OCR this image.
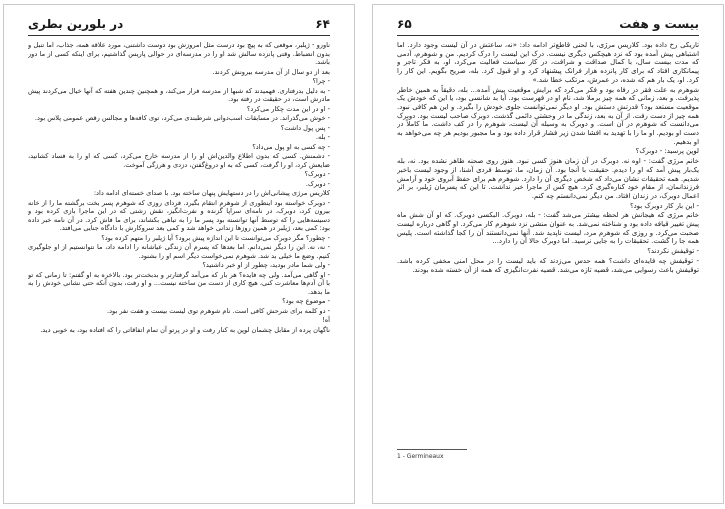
در بلورین بطری	۶۴

ناورو - ژیلبر، موقعی که به پیچ بود درست مثل امروزش بود دوست داشتنی، مورد علاقه همه، جذاب، اما تنبل و بدون انضباط. وقتی پانزده سالش شد او را در مدرسه‌ای در حوالی پاریس گذاشتیم، برای اینکه کسی از ما دور باشد.

بعد از دو سال از آن مدرسه بیرونش کردند.

- چرا؟

- به دلیل بدرفتاری. فهمیدند که شبها از مدرسه فرار می‌کند، و همچنین چندین هفته که آنها خیال می‌کردند پیش مادرش است، در حقیقت در رفته بود.

- او در این مدت چکار می‌کرد؟

- خوش می‌گذراند. در مسابقات اسب‌دوانی شرطبندی می‌کرد، توی کافه‌ها و مجالس رقص عمومی پلاس بود.

- پس پول داشت؟

- بله.

- چه کسی به او پول می‌داد؟

- دشمنش. کسی که بدون اطلاع والدین‌اش او را از مدرسه خارج می‌کرد، کسی که او را به فساد کشانید، ضایعش کرد، او را گرفت، کسی که به او دروغ‌گفتن، دزدی و هرزگی آموخت.

- دوبرک؟

- دوبرک.

کلاریس مرژی پیشانی‌اش را در دستهایش پنهان ساخته بود. با صدای خسته‌ای ادامه داد:

- دوبرک خواسته بود اینطوری از شوهرم انتقام بگیرد. فردای روزی که شوهرم پسر بخت برگشته ما را از خانه بیرون کرد، دوبرک، در نامه‌ای سراپا گزنده و نفرت‌انگیز، نقش زشتی که در این ماجرا بازی کرده بود و دسیسه‌هایی را که توسط آنها توانسته بود پسر ما را به تباهی بکشاند، برای ما فاش کرد. در آن نامه خبر داده بود: کمی بعد، ژیلبر در همین روزها زندانی خواهد شد و کمی بعد سروکارش با دادگاه جنایی می‌افتد.

- چطور؟ مگر دوبرک می‌توانست تا این اندازه پیش برود؟ آیا ژیلبر را متهم کرده بود؟

- نه، نه. این را دیگر نمی‌دانم. اما بعدها که پسرم آن زندگی عیاشانه را ادامه داد، ما نتوانستیم از او جلوگیری کنیم. وضع ما خیلی بد شد. شوهرم نمی‌خواست دیگر اسم او را بشنود.

- ولی شما مادر بودید، چطور از او خبر داشتید؟

- او گاهی می‌آمد. ولی چه فایده؟ هر بار که می‌آمد گرفتارتر و بدبخت‌تر بود. بالاخره به او گفتم: تا زمانی که تو با آن آدم‌ها معاشرت کنی، هیچ کاری از دست من ساخته نیست... و او رفت، بدون آنکه حتی نشانی خودش را به ما بدهد.

- موضوع چه بود؟

- دو کلمه برای شرحش کافی است. نام شوهرم توی لیست بیست و هفت نفر بود.

آه!

ناگهان پرده از مقابل چشمان لوپن به کنار رفت و او در پرتو آن تمام اتفاقاتی را که افتاده بود، به خوبی دید.

بیست و هفت
۶۵

تاریکی رخ داده بود. کلاریس مرژی، با لحنی قاطع‌تر ادامه داد: «نه، ساعتش در آن لیست وجود دارد. اما اشتباهی پیش آمده بود که نزد هیچکس دیگری نیست. درک این لیست را درک کردیم. من و شوهرم، آدمی که مدت بیست سال، با کمال صداقت و شرافت، در کار سیاست فعالیت می‌کرد، او، به فکر تاجر و پیمانکاری افتاد که برای کار پانزده هزار فرانک پیشنهاد کرد و او قبول کرد. بله، صریح بگویم. این کار را کرد. او، یک بار هم که شده، در عمرش، مرتکب خطا شد.»

شوهرم به علت فقر در رفاه بود و فکر می‌کرد که برایش موقعیت پیش آمده... بله، دقیقاً به همین خاطر پذیرفت. و بعد، زمانی که همه چیز برملا شد، نام او در فهرست بود. آیا بد شانسی بود، یا این که خودش یک موقعیت مستعد بود؟ قدرتش دستش بود. او دیگر نمی‌توانست جلوی خودش را بگیرد. و این هم کافی نبود. همه چیز از دست رفت. از آن به بعد، زندگی ما در وحشتی دائمی گذشت. دوبرک صاحب لیست بود. دوبرک می‌دانست که شوهرم در آن است. و دوبرک به وسیله آن لیست، شوهرم را در کف داشت. ما کاملاً در دست او بودیم. او ما را با تهدید به افشا شدن زیر فشار قرار داده بود و ما مجبور بودیم هر چه می‌خواهد به او بدهیم.

لوپن پرسید: - دوبرک؟

خانم مرژی گفت: - اوه نه. دوبرک در آن زمان هنوز کسی نبود. هنوز روی صحنه ظاهر نشده بود. نه، بله یک‌بار پیش آمد که او را دیدم. حقیقت با آنجا بود. آن زمان، ما، توسط فردی آشنا، از وجود لیست باخبر شدیم. همه تحقیقات نشان می‌داد که شخص دیگری آن را دارد. شوهرم هم برای حفظ آبروی خود و آرامش فرزندانمان، از مقام خود کناره‌گیری کرد. هیچ کس از ماجرا خبر نداشت. تا این که پسرمان ژیلبر، بر اثر اعمال دوبرک، در زندان افتاد. من دیگر نمی‌دانستم چه کنم.

- این بار کار دوبرک بود؟

خانم مرژی که هیجانش هر لحظه بیشتر می‌شد گفت: - بله، دوبرک. البکسی دوبرک. که او آن شش ماه پیش تغییر قیافه داده بود و شناخته نمی‌شد. به عنوان منشی نزد شوهرم کار می‌کرد. او گاهی درباره لیست صحبت می‌کرد. و روزی که شوهرم مرد، لیست ناپدید شد. آنها نمی‌دانستند آن را کجا گذاشته است. پلیس همه جا را گشت. تحقیقات را به جایی نرسید. اما دوبرک حالا آن را دارد...

- توقیفش نکردند؟

- توقیفش چه فایده‌ای داشت؟ همه حدس می‌زدند که باید لیست را در محل امنی مخفی کرده باشد. توقیفش باعث رسوایی می‌شد، قضیه تازه می‌شد. قضیه نفرت‌انگیزی که همه از آن خسته شده بودند.

1 - Germineaux
